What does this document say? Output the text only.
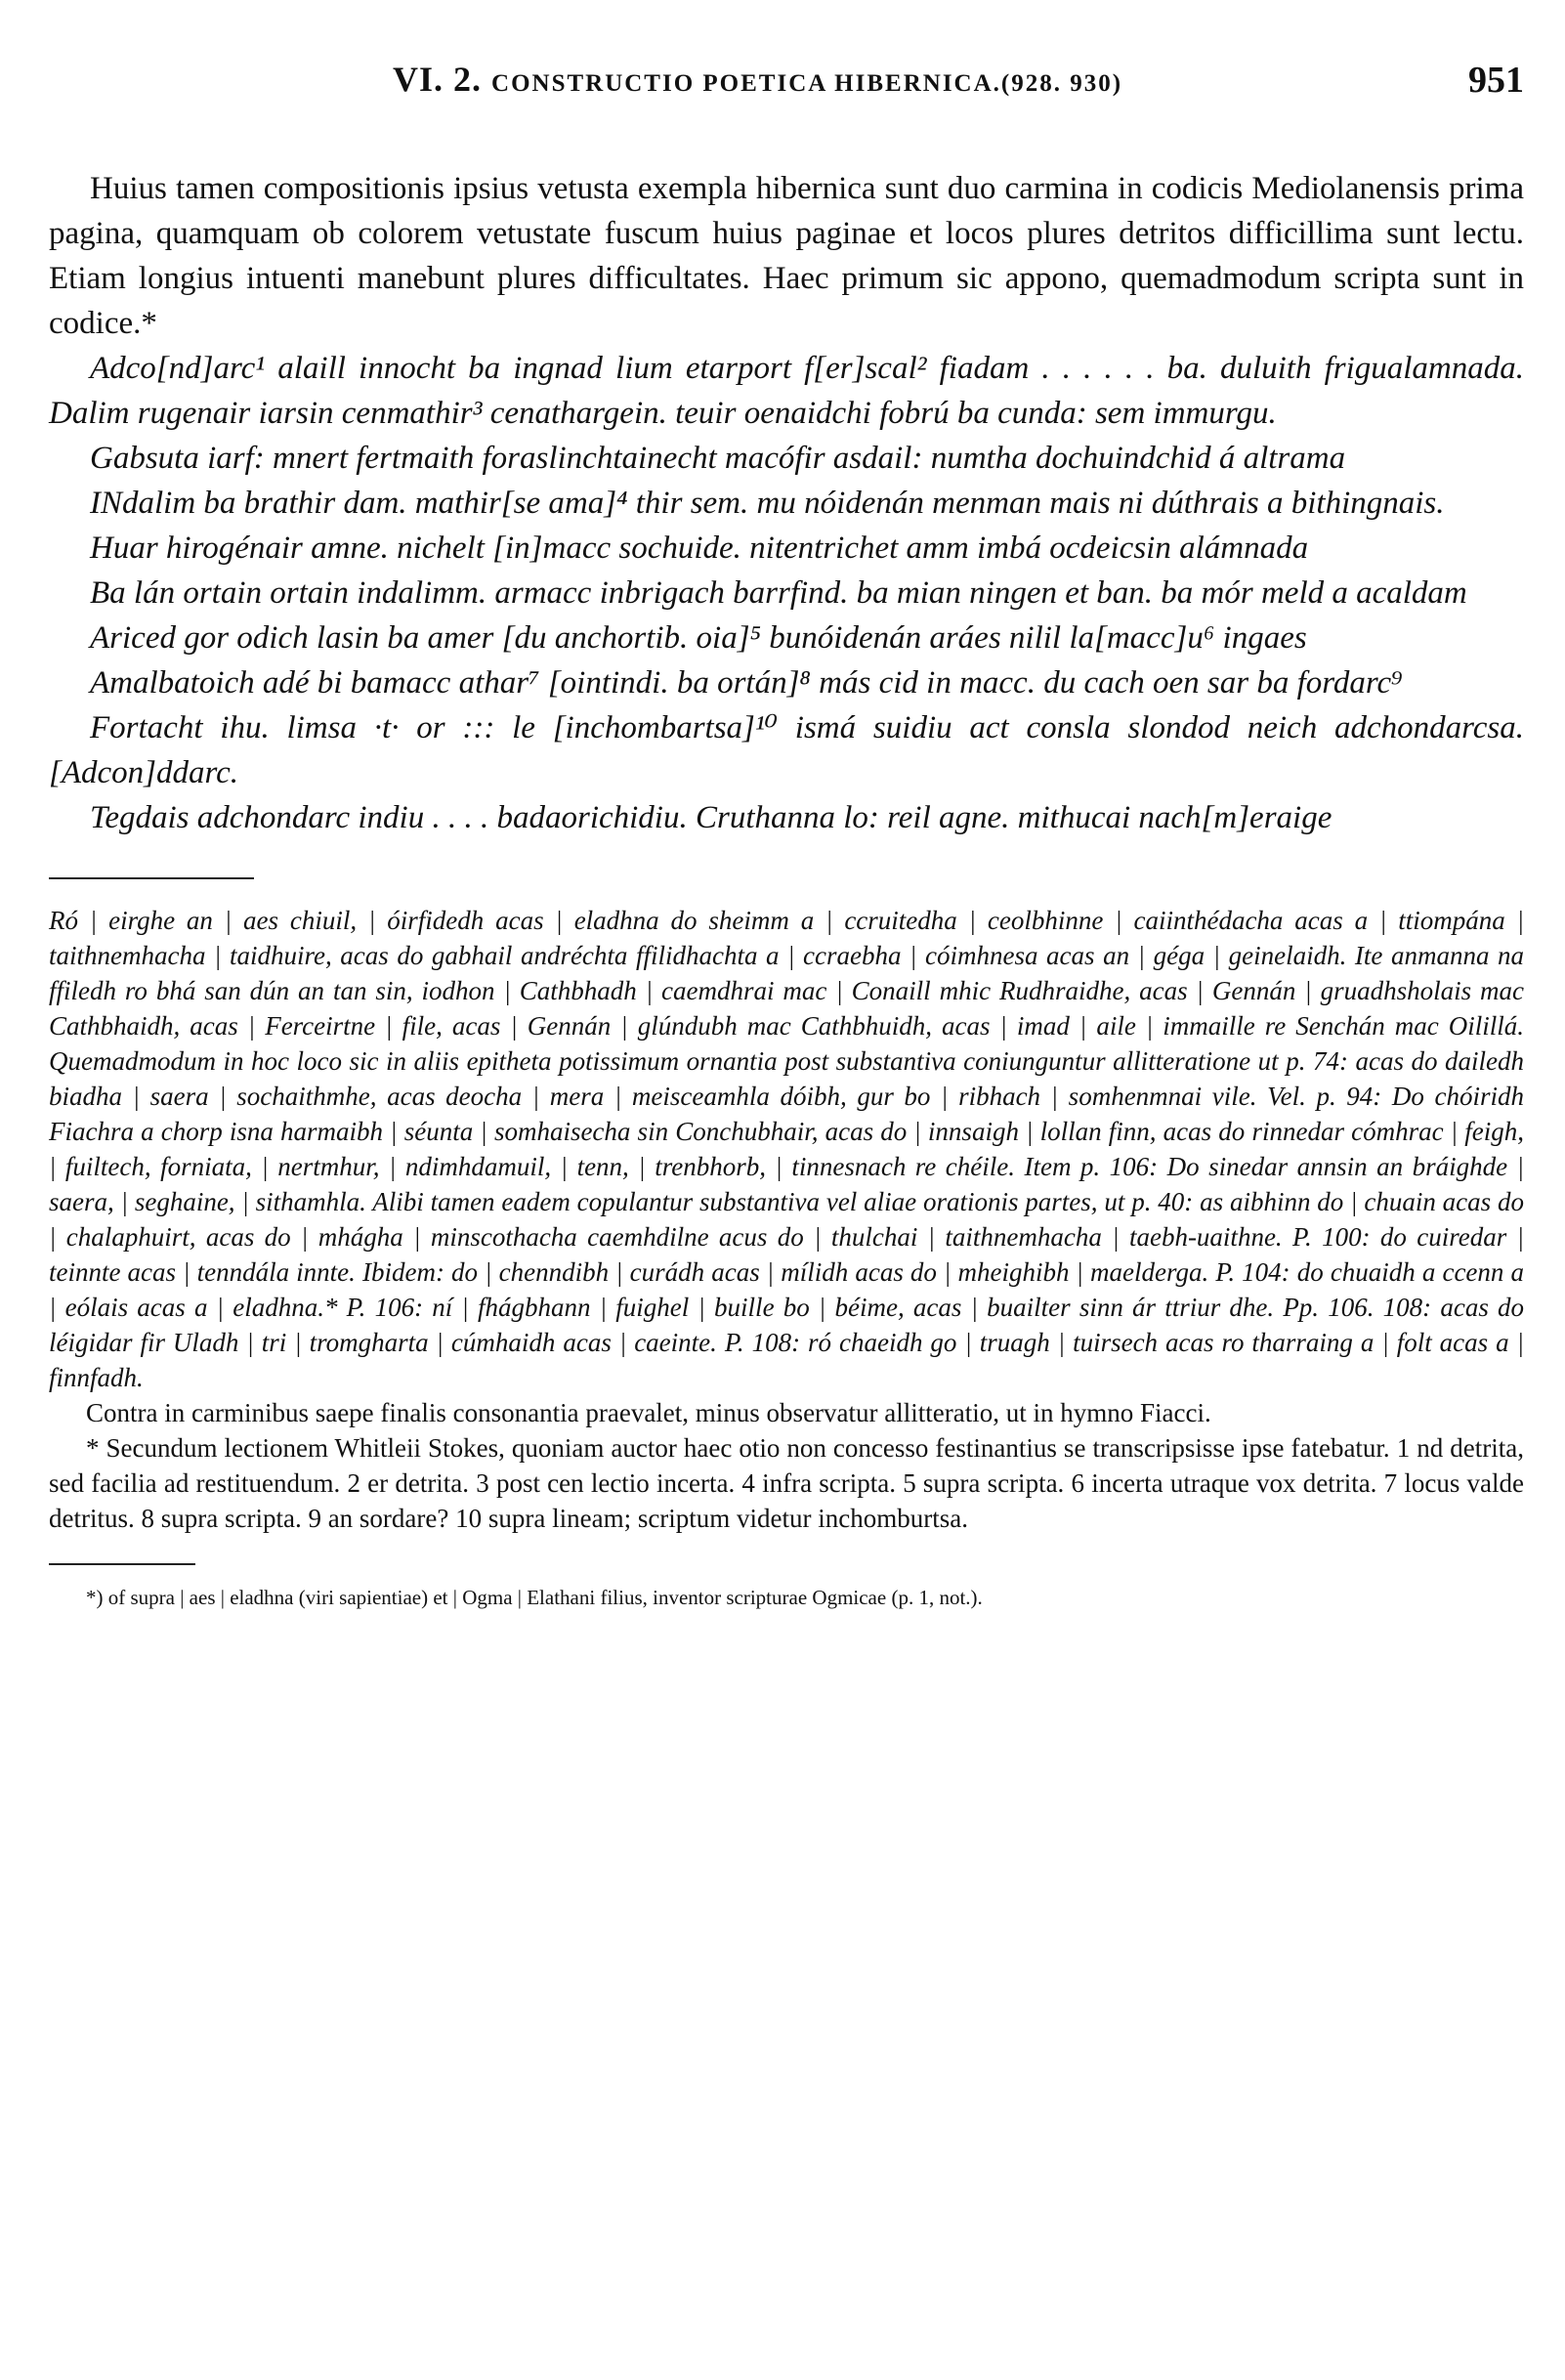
VI. 2. CONSTRUCTIO POETICA HIBERNICA.(928. 930)	951

Huius tamen compositionis ipsius vetusta exempla hibernica sunt duo carmina in codicis Mediolanensis prima pagina, quamquam ob colorem vetustate fuscum huius paginae et locos plures detritos difficillima sunt lectu. Etiam longius intuenti manebunt plures difficultates. Haec primum sic appono, quemadmodum scripta sunt in codice.*

Adco[nd]arc¹ alaill innocht ba ingnad lium etarport f[er]scal² fiadam . . . . . . ba. duluith frigualamnada. Dalim rugenair iarsin cenmathir³ cenathargein. teuir oenaidchi fobrú ba cunda: sem immurgu.

Gabsuta iarf: mnert fertmaith foraslinchtainecht macófir asdail: numtha dochuindchid á altrama

INdalim ba brathir dam. mathir[se ama]⁴ thir sem. mu nóidenán menman mais ni dúthrais a bithingnais.

Huar hirogénair amne. nichelt [in]macc sochuide. nitentrichet amm imbá ocdeicsin alámnada

Ba lán ortain ortain indalimm. armacc inbrigach barrfind. ba mian ningen et ban. ba mór meld a acaldam

Ariced gor odich lasin ba amer [du anchortib. oia]⁵ bunóidenán aráes nilil la[macc]u⁶ ingaes

Amalbatoich adé bi bamacc athar⁷ [ointindi. ba ortán]⁸ más cid in macc. du cach oen sar ba fordarc⁹

Fortacht ihu. limsa ·t· or ::: le [inchombartsa]¹⁰ ismá suidiu act consla slondod neich adchondarcsa. [Adcon]ddarc.

Tegdais adchondarc indiu . . . . badaorichidiu. Cruthanna lo: reil agne. mithucai nach[m]eraige

Ró | eirghe an | aes chiuil, | óirfidedh acas | eladhna do sheimm a | ccruitedha | ceolbhinne | caiinthédacha acas a | ttiompána | taithnemhacha | taidhuire, acas do gabhail andréchta ffilidhachta a | ccraebha | cóimhnesa acas an | géga | geinelaidh. Ite anmanna na ffiledh ro bhá san dún an tan sin, iodhon | Cathbhadh | caemdhrai mac | Conaill mhic Rudhraidhe, acas | Gennán | gruadhsholais mac Cathbhaidh, acas | Ferceirtne | file, acas | Gennán | glúndubh mac Cathbhuidh, acas | imad | aile | immaille re Senchán mac Oilillá. Quemadmodum in hoc loco sic in aliis epitheta potissimum ornantia post substantiva coniunguntur allitteratione ut p. 74: acas do dailedh biadha | saera | sochaithmhe, acas deocha | mera | meisceamhla dóibh, gur bo | ribhach | somhenmnai vile. Vel. p. 94: Do chóiridh Fiachra a chorp isna harmaibh | séunta | somhaisecha sin Conchubhair, acas do | innsaigh | lollan finn, acas do rinnedar cómhrac | feigh, | fuiltech, forniata, | nertmhur, | ndimhdamuil, | tenn, | trenbhorb, | tinnesnach re chéile. Item p. 106: Do sinedar annsin an bráighde | saera, | seghaine, | sithamhla. Alibi tamen eadem copulantur substantiva vel aliae orationis partes, ut p. 40: as aibhinn do | chuain acas do | chalaphuirt, acas do | mhágha | minscothacha caemhdilne acus do | thulchai | taithnemhacha | taebh-uaithne. P. 100: do cuiredar | teinnte acas | tenndála innte. Ibidem: do | chenndibh | curádh acas | mílidh acas do | mheighibh | maelderga. P. 104: do chuaidh a ccenn a | eólais acas a | eladhna.* P. 106: ní | fhágbhann | fuighel | buille bo | béime, acas | buailter sinn ár ttriur dhe. Pp. 106. 108: acas do léigidar fir Uladh | tri | tromgharta | cúmhaidh acas | caeinte. P. 108: ró chaeidh go | truagh | tuirsech acas ro tharraing a | folt acas a | finnfadh.

Contra in carminibus saepe finalis consonantia praevalet, minus observatur allitteratio, ut in hymno Fiacci.

* Secundum lectionem Whitleii Stokes, quoniam auctor haec otio non concesso festinantius se transcripsisse ipse fatebatur. 1 nd detrita, sed facilia ad restituendum. 2 er detrita. 3 post cen lectio incerta. 4 infra scripta. 5 supra scripta. 6 incerta utraque vox detrita. 7 locus valde detritus. 8 supra scripta. 9 an sordare? 10 supra lineam; scriptum videtur inchomburtsa.

*) of supra | aes | eladhna (viri sapientiae) et | Ogma | Elathani filius, inventor scripturae Ogmicae (p. 1, not.).
